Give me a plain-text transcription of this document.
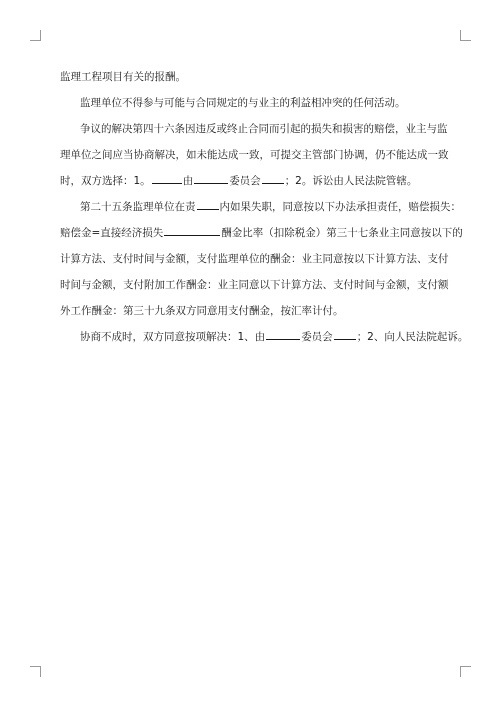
监理工程项目有关的报酬。

监理单位不得参与可能与合同规定的与业主的利益相冲突的任何活动。

争议的解决第四十六条因违反或终止合同而引起的损失和损害的赔偿，业主与监
理单位之间应当协商解决，如未能达成一致，可提交主管部门协调，仍不能达成一致
时，双方选择：1。	由	委员会 ；2。诉讼由人民法院管辖。

第二十五条监理单位在责 内如果失职，同意按以下办法承担责任，赔偿损失：
赔偿金=直接经济损失	酬金比率（扣除税金）第三十七条业主同意按以下的
计算方法、支付时间与金额，支付监理单位的酬金：业主同意按以下计算方法、支付
时间与金额，支付附加工作酬金：业主同意以下计算方法、支付时间与金额，支付额
外工作酬金：第三十九条双方同意用支付酬金，按汇率计付。

协商不成时，双方同意按项解决：1、由	委员会 ；2、向人民法院起诉。
